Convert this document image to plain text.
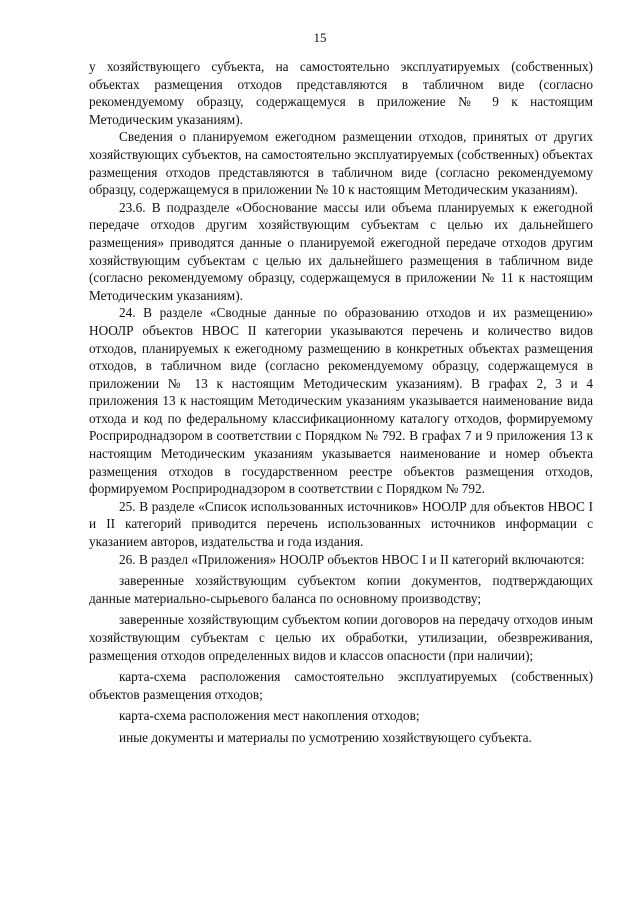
15

у хозяйствующего субъекта, на самостоятельно эксплуатируемых (собственных) объектах размещения отходов представляются в табличном виде (согласно рекомендуемому образцу, содержащемуся в приложение № 9 к настоящим Методическим указаниям).

Сведения о планируемом ежегодном размещении отходов, принятых от других хозяйствующих субъектов, на самостоятельно эксплуатируемых (собственных) объектах размещения отходов представляются в табличном виде (согласно рекомендуемому образцу, содержащемуся в приложении № 10 к настоящим Методическим указаниям).

23.6. В подразделе «Обоснование массы или объема планируемых к ежегодной передаче отходов другим хозяйствующим субъектам с целью их дальнейшего размещения» приводятся данные о планируемой ежегодной передаче отходов другим хозяйствующим субъектам с целью их дальнейшего размещения в табличном виде (согласно рекомендуемому образцу, содержащемуся в приложении № 11 к настоящим Методическим указаниям).

24. В разделе «Сводные данные по образованию отходов и их размещению» НООЛР объектов НВОС II категории указываются перечень и количество видов отходов, планируемых к ежегодному размещению в конкретных объектах размещения отходов, в табличном виде (согласно рекомендуемому образцу, содержащемуся в приложении № 13 к настоящим Методическим указаниям). В графах 2, 3 и 4 приложения 13 к настоящим Методическим указаниям указывается наименование вида отхода и код по федеральному классификационному каталогу отходов, формируемому Росприроднадзором в соответствии с Порядком № 792. В графах 7 и 9 приложения 13 к настоящим Методическим указаниям указывается наименование и номер объекта размещения отходов в государственном реестре объектов размещения отходов, формируемом Росприроднадзором в соответствии с Порядком № 792.

25. В разделе «Список использованных источников» НООЛР для объектов НВОС I и II категорий приводится перечень использованных источников информации с указанием авторов, издательства и года издания.

26. В раздел «Приложения» НООЛР объектов НВОС I и II категорий включаются:

заверенные хозяйствующим субъектом копии документов, подтверждающих данные материально-сырьевого баланса по основному производству;

заверенные хозяйствующим субъектом копии договоров на передачу отходов иным хозяйствующим субъектам с целью их обработки, утилизации, обезвреживания, размещения отходов определенных видов и классов опасности (при наличии);

карта-схема расположения самостоятельно эксплуатируемых (собственных) объектов размещения отходов;

карта-схема расположения мест накопления отходов;

иные документы и материалы по усмотрению хозяйствующего субъекта.
